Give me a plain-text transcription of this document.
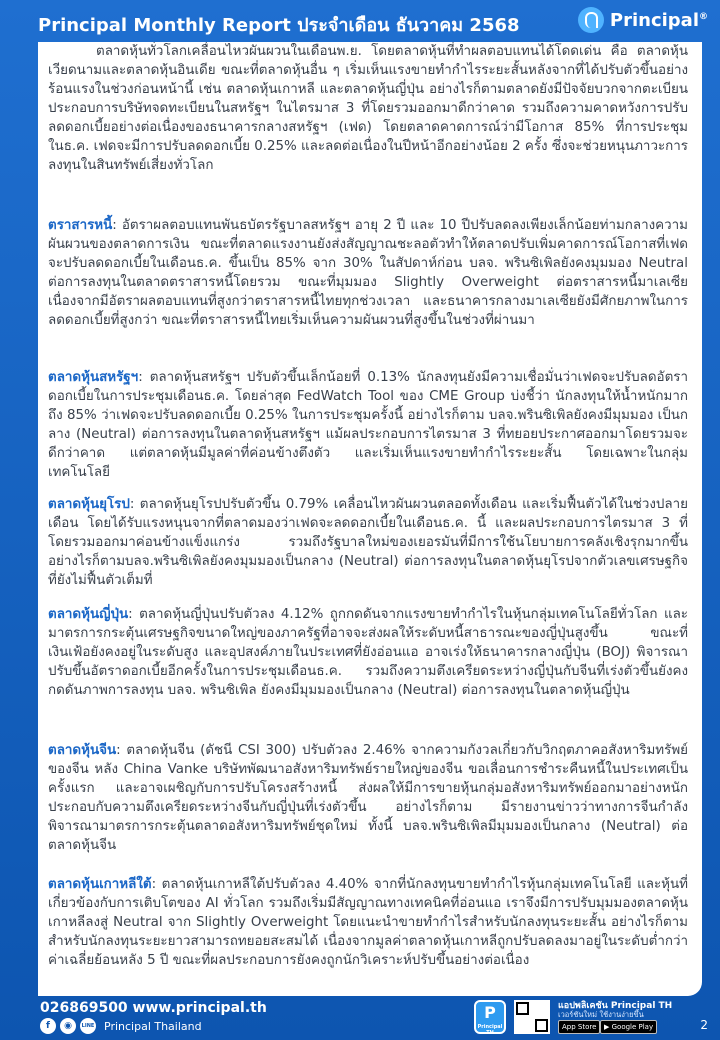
Principal Monthly Report ประจำเดือน ธันวาคม 2568	Principal®

ตลาดหุ้นทั่วโลกเคลื่อนไหวผันผวนในเดือนพ.ย. โดยตลาดหุ้นที่ทำผลตอบแทนได้โดดเด่น คือ ตลาดหุ้นเวียดนามและตลาดหุ้นอินเดีย ขณะที่ตลาดหุ้นอื่น ๆ เริ่มเห็นแรงขายทำกำไรระยะสั้นหลังจากที่ได้ปรับตัวขึ้นอย่างร้อนแรงในช่วงก่อนหน้านี้ เช่น ตลาดหุ้นเกาหลี และตลาดหุ้นญี่ปุ่น อย่างไรก็ตามตลาดยังมีปัจจัยบวกจากตะเบียนประกอบการบริษัทจดทะเบียนในสหรัฐฯ ในไตรมาส 3 ที่โดยรวมออกมาดีกว่าคาด รวมถึงความคาดหวังการปรับลดดอกเบี้ยอย่างต่อเนื่องของธนาคารกลางสหรัฐฯ (เฟด) โดยตลาดคาดการณ์ว่ามีโอกาส 85% ที่การประชุมในธ.ค. เฟดจะมีการปรับลดดอกเบี้ย 0.25% และลดต่อเนื่องในปีหน้าอีกอย่างน้อย 2 ครั้ง ซึ่งจะช่วยหนุนภาวะการลงทุนในสินทรัพย์เสี่ยงทั่วโลก

ตราสารหนี้: อัตราผลตอบแทนพันธบัตรรัฐบาลสหรัฐฯ อายุ 2 ปี และ 10 ปีปรับลดลงเพียงเล็กน้อยท่ามกลางความผันผวนของตลาดการเงิน ขณะที่ตลาดแรงงานยังส่งสัญญาณชะลอตัวทำให้ตลาดปรับเพิ่มคาดการณ์โอกาสที่เฟดจะปรับลดดอกเบี้ยในเดือนธ.ค. ขึ้นเป็น 85% จาก 30% ในสัปดาห์ก่อน บลจ. พรินซิเพิลยังคงมุมมอง Neutral ต่อการลงทุนในตลาดตราสารหนี้โดยรวม ขณะที่มุมมอง Slightly Overweight ต่อตราสารหนี้มาเลเซีย เนื่องจากมีอัตราผลตอบแทนที่สูงกว่าตราสารหนี้ไทยทุกช่วงเวลา และธนาคารกลางมาเลเซียยังมีศักยภาพในการลดดอกเบี้ยที่สูงกว่า ขณะที่ตราสารหนี้ไทยเริ่มเห็นความผันผวนที่สูงขึ้นในช่วงที่ผ่านมา

ตลาดหุ้นสหรัฐฯ: ตลาดหุ้นสหรัฐฯ ปรับตัวขึ้นเล็กน้อยที่ 0.13% นักลงทุนยังมีความเชื่อมั่นว่าเฟดจะปรับลดอัตราดอกเบี้ยในการประชุมเดือนธ.ค. โดยล่าสุด FedWatch Tool ของ CME Group บ่งชี้ว่า นักลงทุนให้น้ำหนักมากถึง 85% ว่าเฟดจะปรับลดดอกเบี้ย 0.25% ในการประชุมครั้งนี้ อย่างไรก็ตาม บลจ.พรินซิเพิลยังคงมีมุมมอง เป็นกลาง (Neutral) ต่อการลงทุนในตลาดหุ้นสหรัฐฯ แม้ผลประกอบการไตรมาส 3 ที่ทยอยประกาศออกมาโดยรวมจะดีกว่าคาด แต่ตลาดหุ้นมีมูลค่าที่ค่อนข้างตึงตัว และเริ่มเห็นแรงขายทำกำไรระยะสั้น โดยเฉพาะในกลุ่มเทคโนโลยี

ตลาดหุ้นยุโรป: ตลาดหุ้นยุโรปปรับตัวขึ้น 0.79% เคลื่อนไหวผันผวนตลอดทั้งเดือน และเริ่มฟื้นตัวได้ในช่วงปลายเดือน โดยได้รับแรงหนุนจากที่ตลาดมองว่าเฟดจะลดดอกเบี้ยในเดือนธ.ค. นี้ และผลประกอบการไตรมาส 3 ที่โดยรวมออกมาค่อนข้างแข็งแกร่ง รวมถึงรัฐบาลใหม่ของเยอรมันที่มีการใช้นโยบายการคลังเชิงรุกมากขึ้น อย่างไรก็ตามบลจ.พรินซิเพิลยังคงมุมมองเป็นกลาง (Neutral) ต่อการลงทุนในตลาดหุ้นยุโรปจากตัวเลขเศรษฐกิจที่ยังไม่ฟื้นตัวเต็มที่

ตลาดหุ้นญี่ปุ่น: ตลาดหุ้นญี่ปุ่นปรับตัวลง 4.12% ถูกกดดันจากแรงขายทำกำไรในหุ้นกลุ่มเทคโนโลยีทั่วโลก และมาตรการกระตุ้นเศรษฐกิจขนาดใหญ่ของภาครัฐที่อาจจะส่งผลให้ระดับหนี้สาธารณะของญี่ปุ่นสูงขึ้น ขณะที่เงินเฟ้อยังคงอยู่ในระดับสูง และอุปสงค์ภายในประเทศที่ยังอ่อนแอ อาจเร่งให้ธนาคารกลางญี่ปุ่น (BOJ) พิจารณาปรับขึ้นอัตราดอกเบี้ยอีกครั้งในการประชุมเดือนธ.ค. รวมถึงความตึงเครียดระหว่างญี่ปุ่นกับจีนที่เร่งตัวขึ้นยังคงกดดันภาพการลงทุน บลจ. พรินซิเพิล ยังคงมีมุมมองเป็นกลาง (Neutral) ต่อการลงทุนในตลาดหุ้นญี่ปุ่น

ตลาดหุ้นจีน: ตลาดหุ้นจีน (ดัชนี CSI 300) ปรับตัวลง 2.46% จากความกังวลเกี่ยวกับวิกฤตภาคอสังหาริมทรัพย์ของจีน หลัง China Vanke บริษัทพัฒนาอสังหาริมทรัพย์รายใหญ่ของจีน ขอเลื่อนการชำระคืนหนี้ในประเทศเป็นครั้งแรก และอาจเผชิญกับการปรับโครงสร้างหนี้ ส่งผลให้มีการขายหุ้นกลุ่มอสังหาริมทรัพย์ออกมาอย่างหนัก ประกอบกับความตึงเครียดระหว่างจีนกับญี่ปุ่นที่เร่งตัวขึ้น อย่างไรก็ตาม มีรายงานข่าวว่าทางการจีนกำลังพิจารณามาตรการกระตุ้นตลาดอสังหาริมทรัพย์ชุดใหม่ ทั้งนี้ บลจ.พรินซิเพิลมีมุมมองเป็นกลาง (Neutral) ต่อตลาดหุ้นจีน

ตลาดหุ้นเกาหลีใต้: ตลาดหุ้นเกาหลีใต้ปรับตัวลง 4.40% จากที่นักลงทุนขายทำกำไรหุ้นกลุ่มเทคโนโลยี และหุ้นที่เกี่ยวข้องกับการเติบโตของ AI ทั่วโลก รวมถึงเริ่มมีสัญญาณทางเทคนิคที่อ่อนแอ เราจึงมีการปรับมุมมองตลาดหุ้นเกาหลีลงสู่ Neutral จาก Slightly Overweight โดยแนะนำขายทำกำไรสำหรับนักลงทุนระยะสั้น อย่างไรก็ตามสำหรับนักลงทุนระยะยาวสามารถทยอยสะสมได้ เนื่องจากมูลค่าตลาดหุ้นเกาหลีถูกปรับลดลงมาอยู่ในระดับต่ำกว่าค่าเฉลี่ยย้อนหลัง 5 ปี ขณะที่ผลประกอบการยังคงถูกนักวิเคราะห์ปรับขึ้นอย่างต่อเนื่อง

026869500 www.principal.th
f	◉	LINE Principal Thailand
P
Principal TH
แอปพลิเคชัน Principal TH
เวอร์ชันใหม่ ใช้งานง่ายขึ้น
App Store	▶ Google Play	2
